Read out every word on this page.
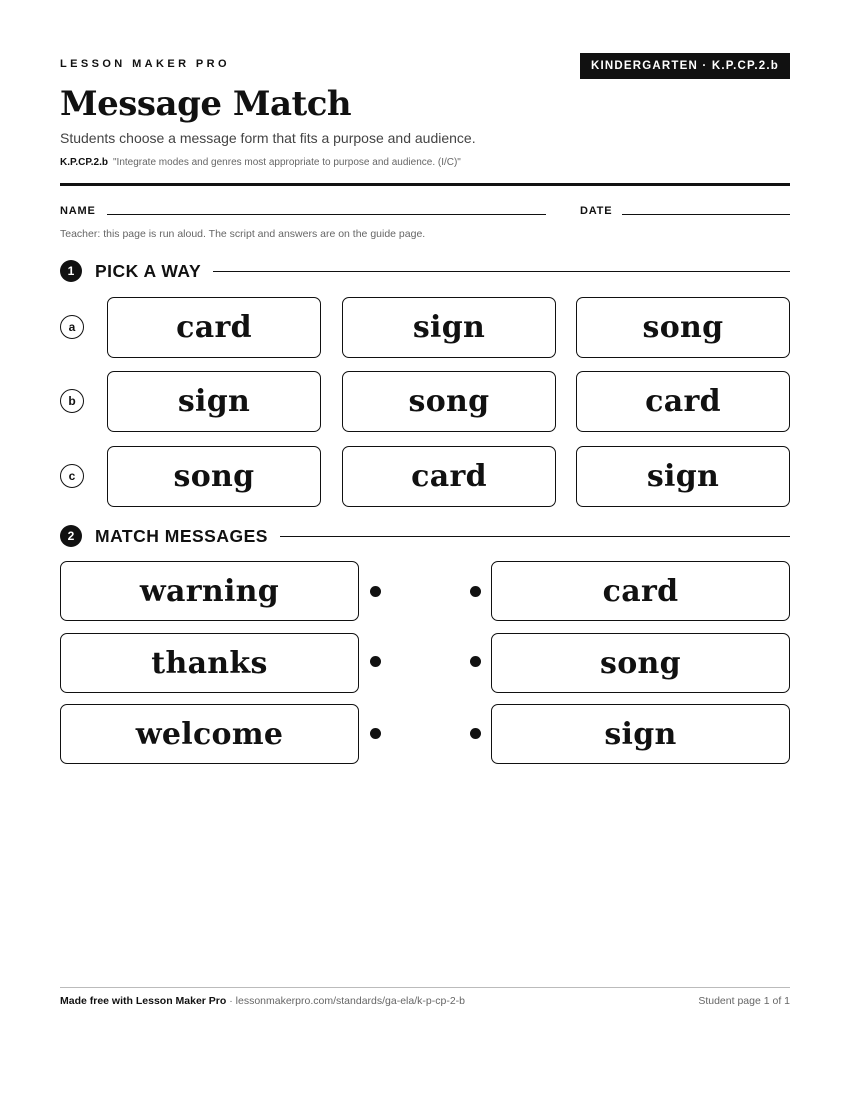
LESSON MAKER PRO	KINDERGARTEN · K.P.CP.2.b
Message Match
Students choose a message form that fits a purpose and audience.
K.P.CP.2.b "Integrate modes and genres most appropriate to purpose and audience. (I/C)"
NAME	DATE
Teacher: this page is run aloud. The script and answers are on the guide page.
1	PICK A WAY
a	card	sign	song
b	sign	song	card
c	song	card	sign
2	MATCH MESSAGES
warning	card
thanks	song
welcome	sign
Made free with Lesson Maker Pro · lessonmakerpro.com/standards/ga-ela/k-p-cp-2-b	Student page 1 of 1
